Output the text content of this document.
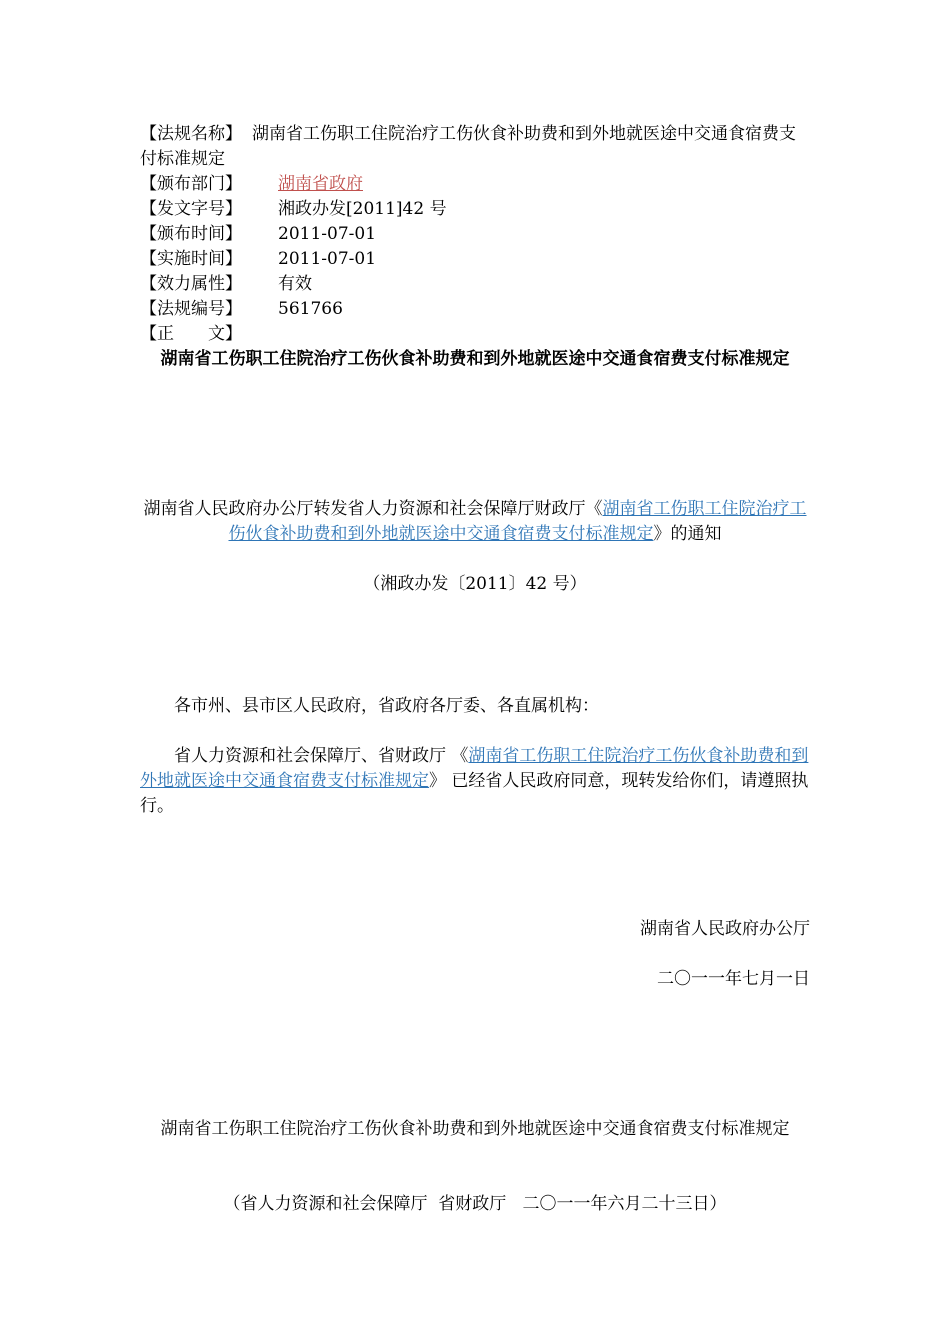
【法规名称】 湖南省工伤职工住院治疗工伤伙食补助费和到外地就医途中交通食宿费支付标准规定
【颁布部门】 湖南省政府
【发文字号】 湘政办发[2011]42 号
【颁布时间】 2011-07-01
【实施时间】 2011-07-01
【效力属性】 有效
【法规编号】 561766
【正　　文】
湖南省工伤职工住院治疗工伤伙食补助费和到外地就医途中交通食宿费支付标准规定
湖南省人民政府办公厅转发省人力资源和社会保障厅财政厅《湖南省工伤职工住院治疗工伤伙食补助费和到外地就医途中交通食宿费支付标准规定》的通知
（湘政办发〔2011〕42 号）
各市州、县市区人民政府，省政府各厅委、各直属机构：
省人力资源和社会保障厅、省财政厅 《湖南省工伤职工住院治疗工伤伙食补助费和到外地就医途中交通食宿费支付标准规定》 已经省人民政府同意，现转发给你们，请遵照执行。
湖南省人民政府办公厅
二〇一一年七月一日
湖南省工伤职工住院治疗工伤伙食补助费和到外地就医途中交通食宿费支付标准规定
（省人力资源和社会保障厅  省财政厅   二〇一一年六月二十三日）
